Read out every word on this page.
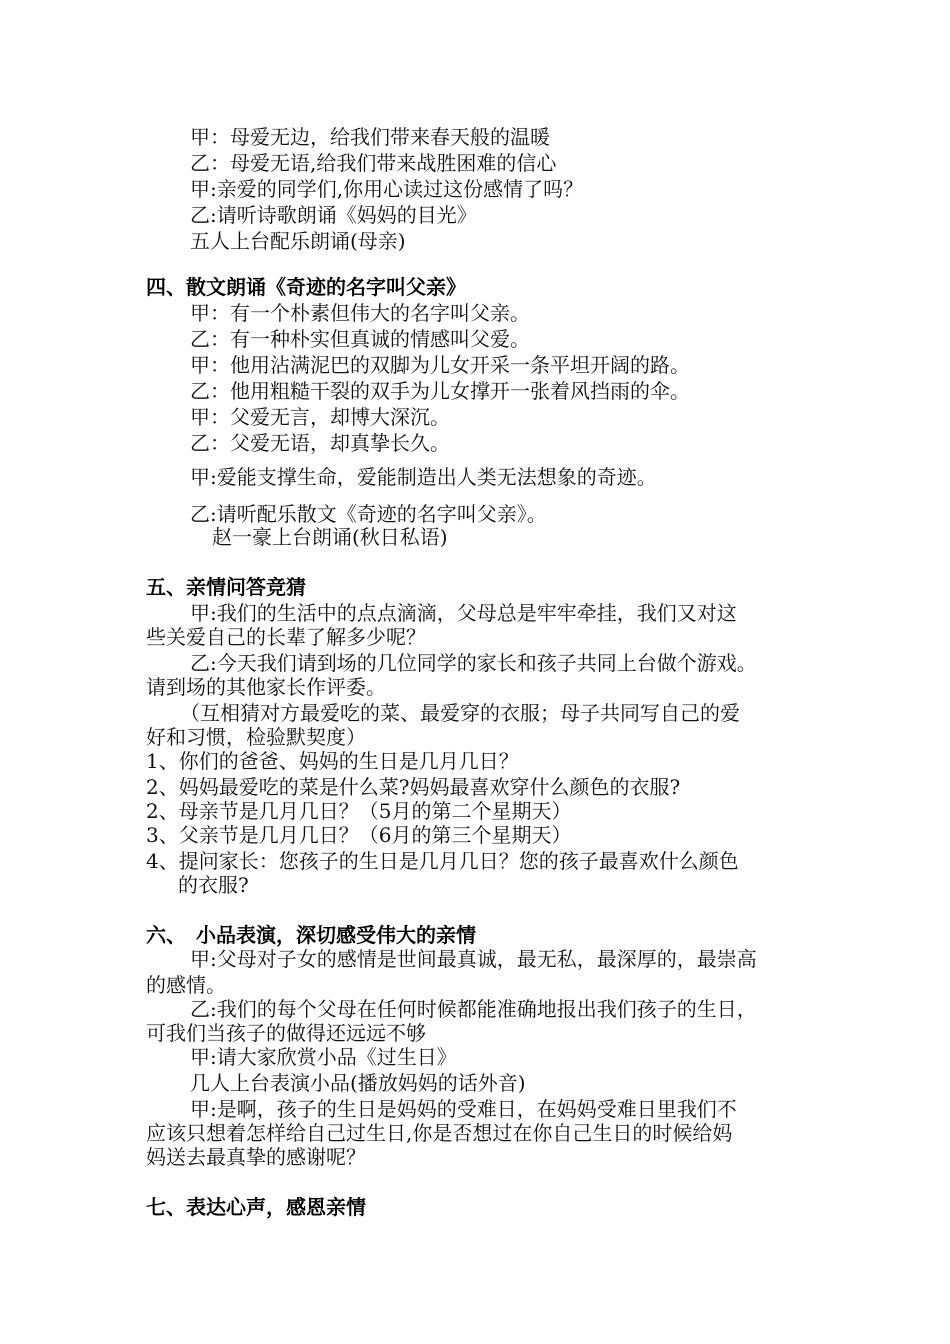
甲：母爱无边，给我们带来春天般的温暖
乙：母爱无语,给我们带来战胜困难的信心
甲:亲爱的同学们,你用心读过这份感情了吗？
乙:请听诗歌朗诵《妈妈的目光》
五人上台配乐朗诵(母亲)
四、散文朗诵《奇迹的名字叫父亲》
甲：有一个朴素但伟大的名字叫父亲。
乙：有一种朴实但真诚的情感叫父爱。
甲：他用沾满泥巴的双脚为儿女开采一条平坦开阔的路。
乙：他用粗糙干裂的双手为儿女撑开一张着风挡雨的伞。
甲：父爱无言，却博大深沉。
乙：父爱无语，却真挚长久。
甲:爱能支撑生命，爱能制造出人类无法想象的奇迹。
乙:请听配乐散文《奇迹的名字叫父亲》。
赵一豪上台朗诵(秋日私语)
五、亲情问答竞猜
甲:我们的生活中的点点滴滴，父母总是牢牢牵挂，我们又对这
些关爱自己的长辈了解多少呢？
乙:今天我们请到场的几位同学的家长和孩子共同上台做个游戏。
请到场的其他家长作评委。
（互相猜对方最爱吃的菜、最爱穿的衣服；母子共同写自己的爱
好和习惯，检验默契度）
1、你们的爸爸、妈妈的生日是几月几日？
2、妈妈最爱吃的菜是什么菜?妈妈最喜欢穿什么颜色的衣服?
2、母亲节是几月几日？（5月的第二个星期天）
3、父亲节是几月几日？（6月的第三个星期天）
4、提问家长：您孩子的生日是几月几日？您的孩子最喜欢什么颜色
的衣服?
六、　小品表演，深切感受伟大的亲情
甲:父母对子女的感情是世间最真诚，最无私，最深厚的，最崇高
的感情。
乙:我们的每个父母在任何时候都能准确地报出我们孩子的生日，
可我们当孩子的做得还远远不够
甲:请大家欣赏小品《过生日》
几人上台表演小品(播放妈妈的话外音)
甲:是啊，孩子的生日是妈妈的受难日，在妈妈受难日里我们不
应该只想着怎样给自己过生日,你是否想过在你自己生日的时候给妈
妈送去最真挚的感谢呢？
七、表达心声，感恩亲情
